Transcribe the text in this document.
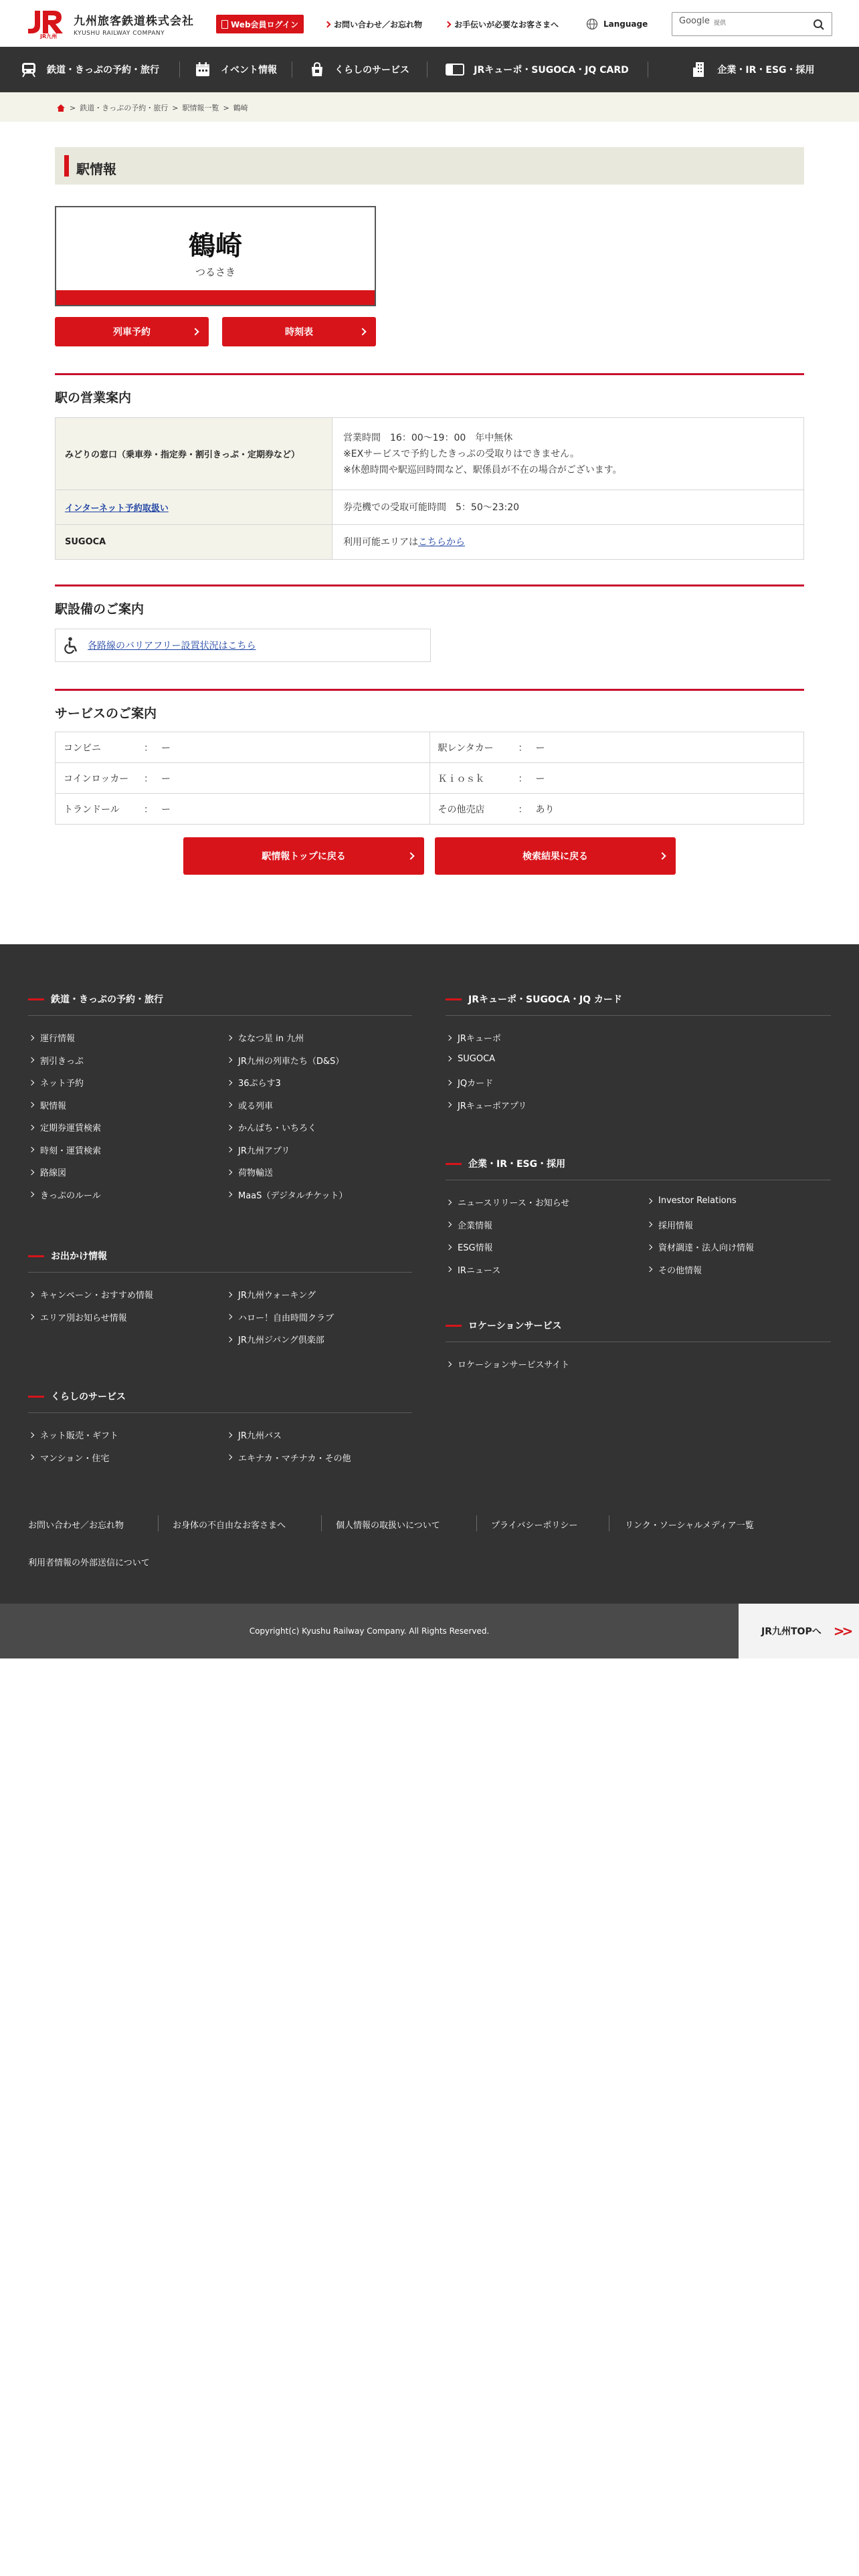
JR九州
九州旅客鉄道株式会社
KYUSHU RAILWAY COMPANY
Web会員ログイン	お問い合わせ／お忘れ物	お手伝いが必要なお客さまへ	Language	Google 提供
鉄道・きっぷの予約・旅行	イベント情報	くらしのサービス	JRキューポ・SUGOCA・JQ CARD	企業・IR・ESG・採用
> 鉄道・きっぷの予約・旅行 > 駅情報一覧 > 鶴崎
駅情報
鶴崎
つるさき
列車予約	時刻表
駅の営業案内
みどりの窓口（乗車券・指定券・割引きっぷ・定期券など）	営業時間　16：00〜19：00　年中無休
※EXサービスで予約したきっぷの受取りはできません。
※休憩時間や駅巡回時間など、駅係員が不在の場合がございます。

インターネット予約取扱い	券売機での受取可能時間　5：50〜23:20
SUGOCA	利用可能エリアはこちらから
駅設備のご案内
各路線のバリアフリー設置状況はこちら
サービスのご案内
コンビニ ： ー	駅レンタカー ： ー
コインロッカー ： ー	Ｋｉｏｓｋ ： ー
トランドール ： ー	その他売店 ： あり
駅情報トップに戻る	検索結果に戻る
鉄道・きっぷの予約・旅行
お出かけ情報
くらしのサービス
JRキューポ・SUGOCA・JQ カード
企業・IR・ESG・採用
ロケーションサービス
お問い合わせ／お忘れ物	お身体の不自由なお客さまへ	個人情報の取扱いについて	プライバシーポリシー	リンク・ソーシャルメディア一覧
利用者情報の外部送信について
運行情報
割引きっぷ
ネット予約
駅情報
定期券運賃検索
時刻・運賃検索
路線図
きっぷのルール
ななつ星 in 九州
JR九州の列車たち（D&S）
36ぷらす3
或る列車
かんぱち・いちろく
JR九州アプリ
荷物輸送
MaaS（デジタルチケット）
キャンペーン・おすすめ情報
エリア別お知らせ情報
JR九州ウォーキング
ハロー！自由時間クラブ
JR九州ジパング倶楽部
ネット販売・ギフト
マンション・住宅
JR九州バス
エキナカ・マチナカ・その他
JRキューポ
SUGOCA
JQカード
JRキューポアプリ
ニュースリリース・お知らせ
企業情報
ESG情報
IRニュース
Investor Relations
採用情報
資材調達・法人向け情報
その他情報
ロケーションサービスサイト
Copyright(c) Kyushu Railway Company. All Rights Reserved.	JR九州TOPへ >>
